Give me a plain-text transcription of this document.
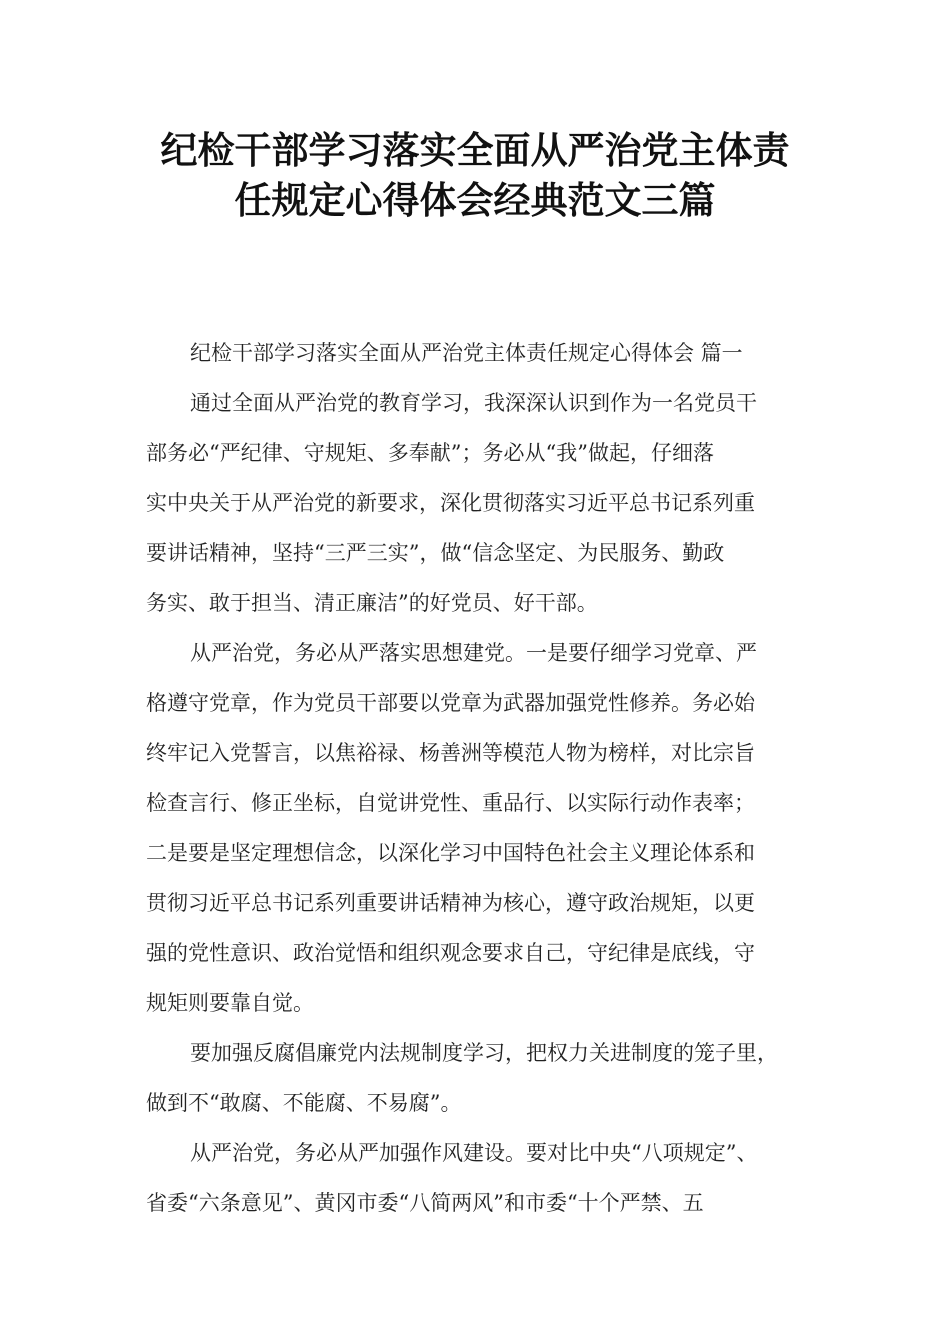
纪检干部学习落实全面从严治党主体责
任规定心得体会经典范文三篇

纪检干部学习落实全面从严治党主体责任规定心得体会 篇一

通过全面从严治党的教育学习，我深深认识到作为一名党员干
部务必“严纪律、守规矩、多奉献”；务必从“我”做起，仔细落
实中央关于从严治党的新要求，深化贯彻落实习近平总书记系列重
要讲话精神，坚持“三严三实”，做“信念坚定、为民服务、勤政
务实、敢于担当、清正廉洁”的好党员、好干部。

从严治党，务必从严落实思想建党。一是要仔细学习党章、严
格遵守党章，作为党员干部要以党章为武器加强党性修养。务必始
终牢记入党誓言，以焦裕禄、杨善洲等模范人物为榜样，对比宗旨
检查言行、修正坐标，自觉讲党性、重品行、以实际行动作表率；
二是要是坚定理想信念，以深化学习中国特色社会主义理论体系和
贯彻习近平总书记系列重要讲话精神为核心，遵守政治规矩，以更
强的党性意识、政治觉悟和组织观念要求自己，守纪律是底线，守
规矩则要靠自觉。

要加强反腐倡廉党内法规制度学习，把权力关进制度的笼子里，
做到不“敢腐、不能腐、不易腐”。

从严治党，务必从严加强作风建设。要对比中央“八项规定”、
省委“六条意见”、黄冈市委“八简两风”和市委“十个严禁、五
